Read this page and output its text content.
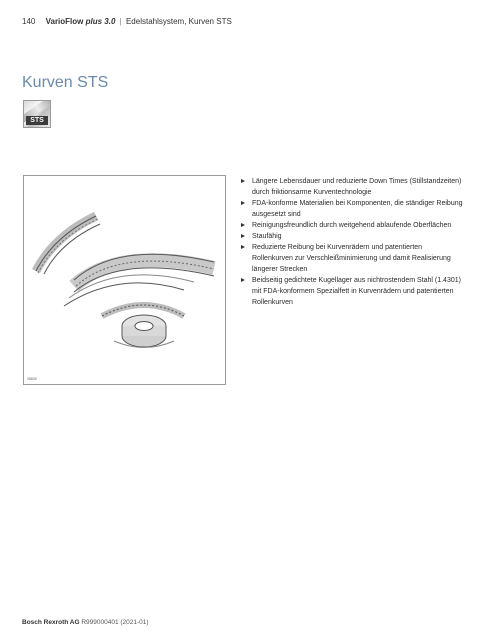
140 VarioFlow plus 3.0 | Edelstahlsystem, Kurven STS
Kurven STS
STS
08835
Längere Lebensdauer und reduzierte Down Times (Stillstandzeiten) durch friktionsarme Kurventechnologie
FDA-konforme Materialien bei Komponenten, die ständiger Reibung ausgesetzt sind
Reinigungsfreundlich durch weitgehend ablaufende Oberflächen
Staufähig
Reduzierte Reibung bei Kurvenrädern und patentierten Rollenkurven zur Verschleißminimierung und damit Realisierung längerer Strecken
Beidseitig gedichtete Kugellager aus nichtrostendem Stahl (1.4301) mit FDA-konformem Spezialfett in Kurvenrädern und patentierten Rollenkurven
Bosch Rexroth AG R999000401 (2021-01)
